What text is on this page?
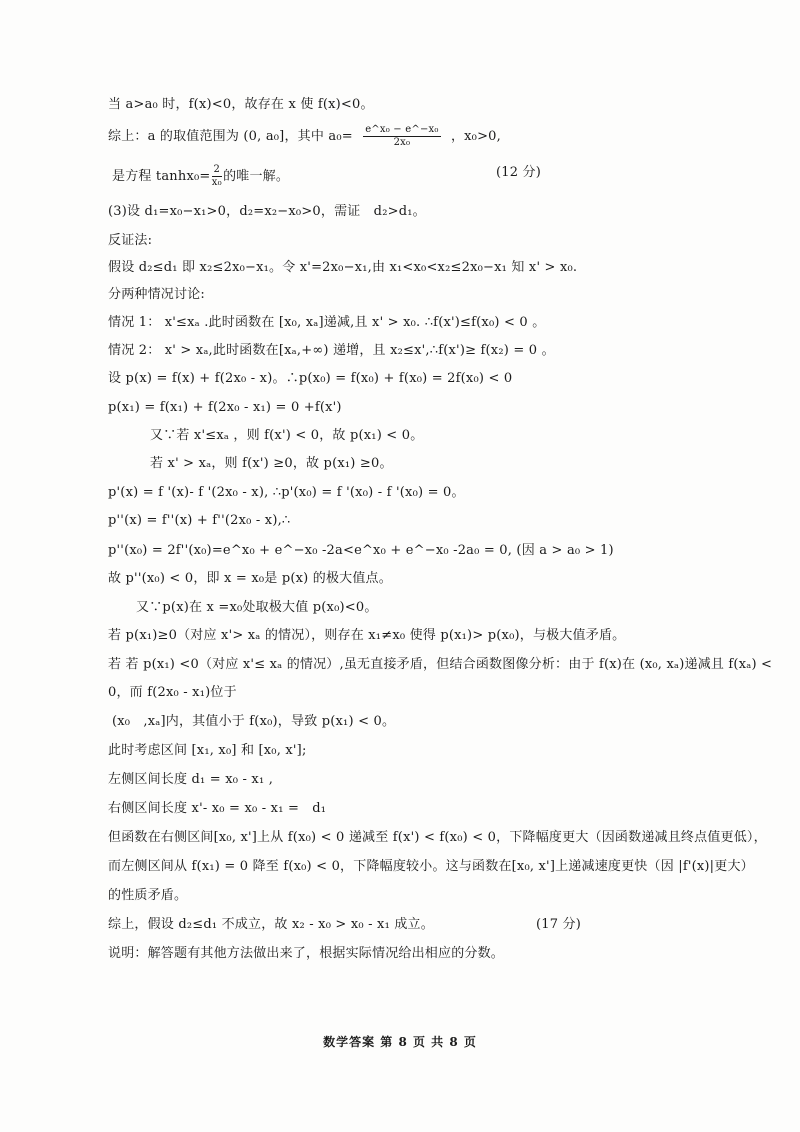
当 a>a₀ 时，f(x)<0，故存在 x 使 f(x)<0。
综上：a 的取值范围为 (0, a₀]，其中 $a_0= \frac{\text{e\textasciicircum{}x₀ − e\textasciicircum{}−x₀}}{\text{2x₀}}$ ，x₀>0,
是方程 $\tanh x_0= \frac{2}{\text{x₀}}$ 的唯一解。	(12 分)
(3)设 d₁=x₀−x₁>0，d₂=x₂−x₀>0，需证　d₂>d₁。
反证法:
假设 d₂≤d₁ 即 x₂≤2x₀−x₁。令 x'=2x₀−x₁,由 x₁<x₀<x₂≤2x₀−x₁ 知 x' > x₀.
分两种情况讨论:
情况 1： x'≤xₐ .此时函数在 [x₀, xₐ]递减,且 x' > x₀. ∴f(x')≤f(x₀) < 0 。
情况 2： x' > xₐ,此时函数在[xₐ,+∞) 递增，且 x₂≤x',∴f(x')≥ f(x₂) = 0 。
设 p(x) = f(x) + f(2x₀ - x)。∴p(x₀) = f(x₀) + f(x₀) = 2f(x₀) < 0
p(x₁) = f(x₁) + f(2x₀ - x₁) = 0 +f(x')
又∵若 x'≤xₐ ，则 f(x') < 0，故 p(x₁) < 0。
若 x' > xₐ，则 f(x') ≥0，故 p(x₁) ≥0。
p'(x) = f '(x)- f '(2x₀ - x), ∴p'(x₀) = f '(x₀) - f '(x₀) = 0。
p''(x) = f''(x) + f''(2x₀ - x),∴
p''(x₀) = 2f''(x₀)=e^x₀ + e^−x₀ -2a<e^x₀ + e^−x₀ -2a₀ = 0, (因 a > a₀ > 1)
故 p''(x₀) < 0，即 x = x₀是 p(x) 的极大值点。
又∵p(x)在 x =x₀处取极大值 p(x₀)<0。
若 p(x₁)≥0（对应 x'> xₐ 的情况），则存在 x₁≠x₀ 使得 p(x₁)> p(x₀)，与极大值矛盾。
若 若 p(x₁) <0（对应 x'≤ xₐ 的情况）,虽无直接矛盾，但结合函数图像分析：由于 f(x)在 (x₀, xₐ)递减且 f(xₐ) <
0，而 f(2x₀ - x₁)位于
(x₀　,xₐ]内，其值小于 f(x₀)，导致 p(x₁) < 0。
此时考虑区间 [x₁, x₀] 和 [x₀, x'];
左侧区间长度 d₁ = x₀ - x₁ ,
右侧区间长度 x'- x₀ = x₀ - x₁ =　d₁
但函数在右侧区间[x₀, x']上从 f(x₀) < 0 递减至 f(x') < f(x₀) < 0，下降幅度更大（因函数递减且终点值更低），
而左侧区间从 f(x₁) = 0 降至 f(x₀) < 0，下降幅度较小。这与函数在[x₀, x']上递减速度更快（因 |f'(x)|更大）
的性质矛盾。
综上，假设 d₂≤d₁ 不成立，故 x₂ - x₀ > x₀ - x₁ 成立。	(17 分)
说明：解答题有其他方法做出来了，根据实际情况给出相应的分数。
数学答案 第 8 页 共 8 页
